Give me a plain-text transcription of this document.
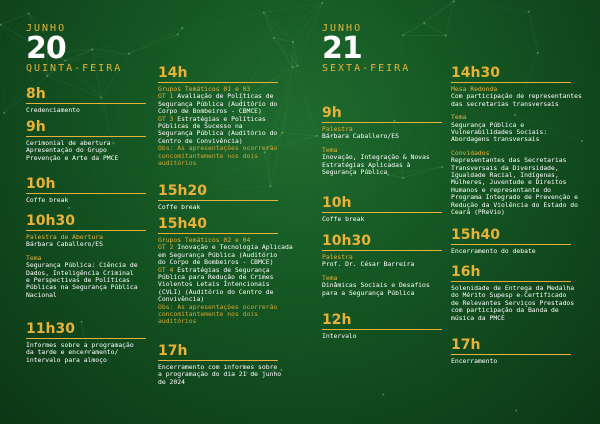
JUNHO
20
QUINTA-FEIRA
8h
Credenciamento
9h
Cerimonial de abertura
Apresentação do Grupo
Prevenção e Arte da PMCE
10h
Coffe break
10h30
Palestra de Abertura
Bárbara Caballero/ES
Tema
Segurança Pública: Ciência de
Dados, Inteligência Criminal
e Perspectivas de Políticas
Públicas na Segurança Pública
Nacional
11h30
Informes sobre a programação
da tarde e encerramento/
intervalo para almoço
14h
Grupos Temáticos 01 e 03
GT 1 Avaliação de Políticas de
Segurança Pública (Auditório do
Corpo de Bombeiros - CBMCE)
GT 3 Estratégias e Políticas
Públicas de Sucesso na
Segurança Pública (Auditório do
Centro de Convivência)
Obs: As apresentações ocorrerão
concomitantemente nos dois
auditórios
15h20
Coffe break
15h40
Grupos Temáticos 02 e 04
GT 2 Inovação e Tecnologia Aplicada
em Segurança Pública (Auditório
do Corpo de Bombeiros - CBMCE)
GT 4 Estratégias de Segurança
Pública para Redução de Crimes
Violentos Letais Intencionais
(CVLI) (Auditório do Centro de
Convivência)
Obs: As apresentações ocorrerão
concomitantemente nos dois
auditórios
17h
Encerramento com informes sobre
a programação do dia 21 de junho
de 2024
JUNHO
21
SEXTA-FEIRA
9h
Palestra
Bárbara Caballero/ES
Tema
Inovação, Integração & Novas
Estratégias Aplicadas à
Segurança Pública
10h
Coffe break
10h30
Palestra
Prof. Dr. César Barreira
Tema
Dinâmicas Sociais e Desafios
para a Segurança Pública
12h
Intervalo
14h30
Mesa Redonda
Com participação de representantes
das secretarias transversais
Tema
Segurança Pública e
Vulnerabilidades Sociais:
Abordagens transversais
Convidados
Representantes das Secretarias
Transversais da Diversidade,
Igualdade Racial, Indígenas,
Mulheres, Juventude e Direitos
Humanos e representante do
Programa Integrado de Prevenção e
Redução da Violência do Estado do
Ceará (PReVio)
15h40
Encerramento do debate
16h
Solenidade de Entrega da Medalha
do Mérito Supesp e Certificado
de Relevantes Serviços Prestados
com participação da Banda de
música da PMCE
17h
Encerramento
